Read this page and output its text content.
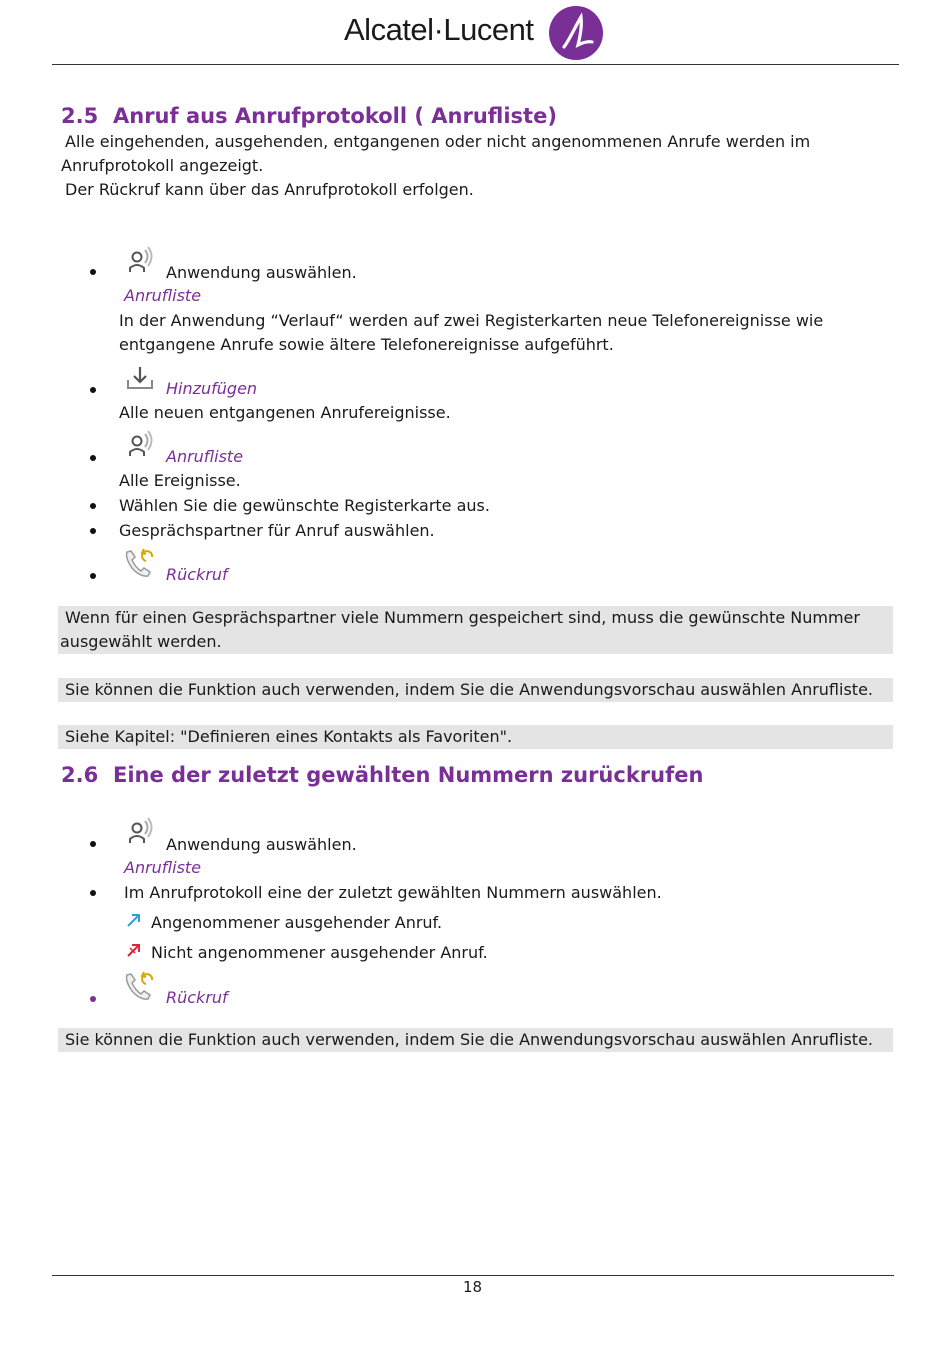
Alcatel·Lucent
2.5 Anruf aus Anrufprotokoll ( Anrufliste)
Alle eingehenden, ausgehenden, entgangenen oder nicht angenommenen Anrufe werden im
Anrufprotokoll angezeigt.
Der Rückruf kann über das Anrufprotokoll erfolgen.
Anwendung auswählen.
Anrufliste
In der Anwendung “Verlauf“ werden auf zwei Registerkarten neue Telefonereignisse wie
entgangene Anrufe sowie ältere Telefonereignisse aufgeführt.
Hinzufügen
Alle neuen entgangenen Anrufereignisse.
Anrufliste
Alle Ereignisse.
Wählen Sie die gewünschte Registerkarte aus.
Gesprächspartner für Anruf auswählen.
Rückruf
Wenn für einen Gesprächspartner viele Nummern gespeichert sind, muss die gewünschte Nummer
ausgewählt werden.
Sie können die Funktion auch verwenden, indem Sie die Anwendungsvorschau auswählen Anrufliste.
Siehe Kapitel: "Definieren eines Kontakts als Favoriten".
2.6 Eine der zuletzt gewählten Nummern zurückrufen
Anwendung auswählen.
Anrufliste
Im Anrufprotokoll eine der zuletzt gewählten Nummern auswählen.
Angenommener ausgehender Anruf.
Nicht angenommener ausgehender Anruf.
Rückruf
Sie können die Funktion auch verwenden, indem Sie die Anwendungsvorschau auswählen Anrufliste.
18
